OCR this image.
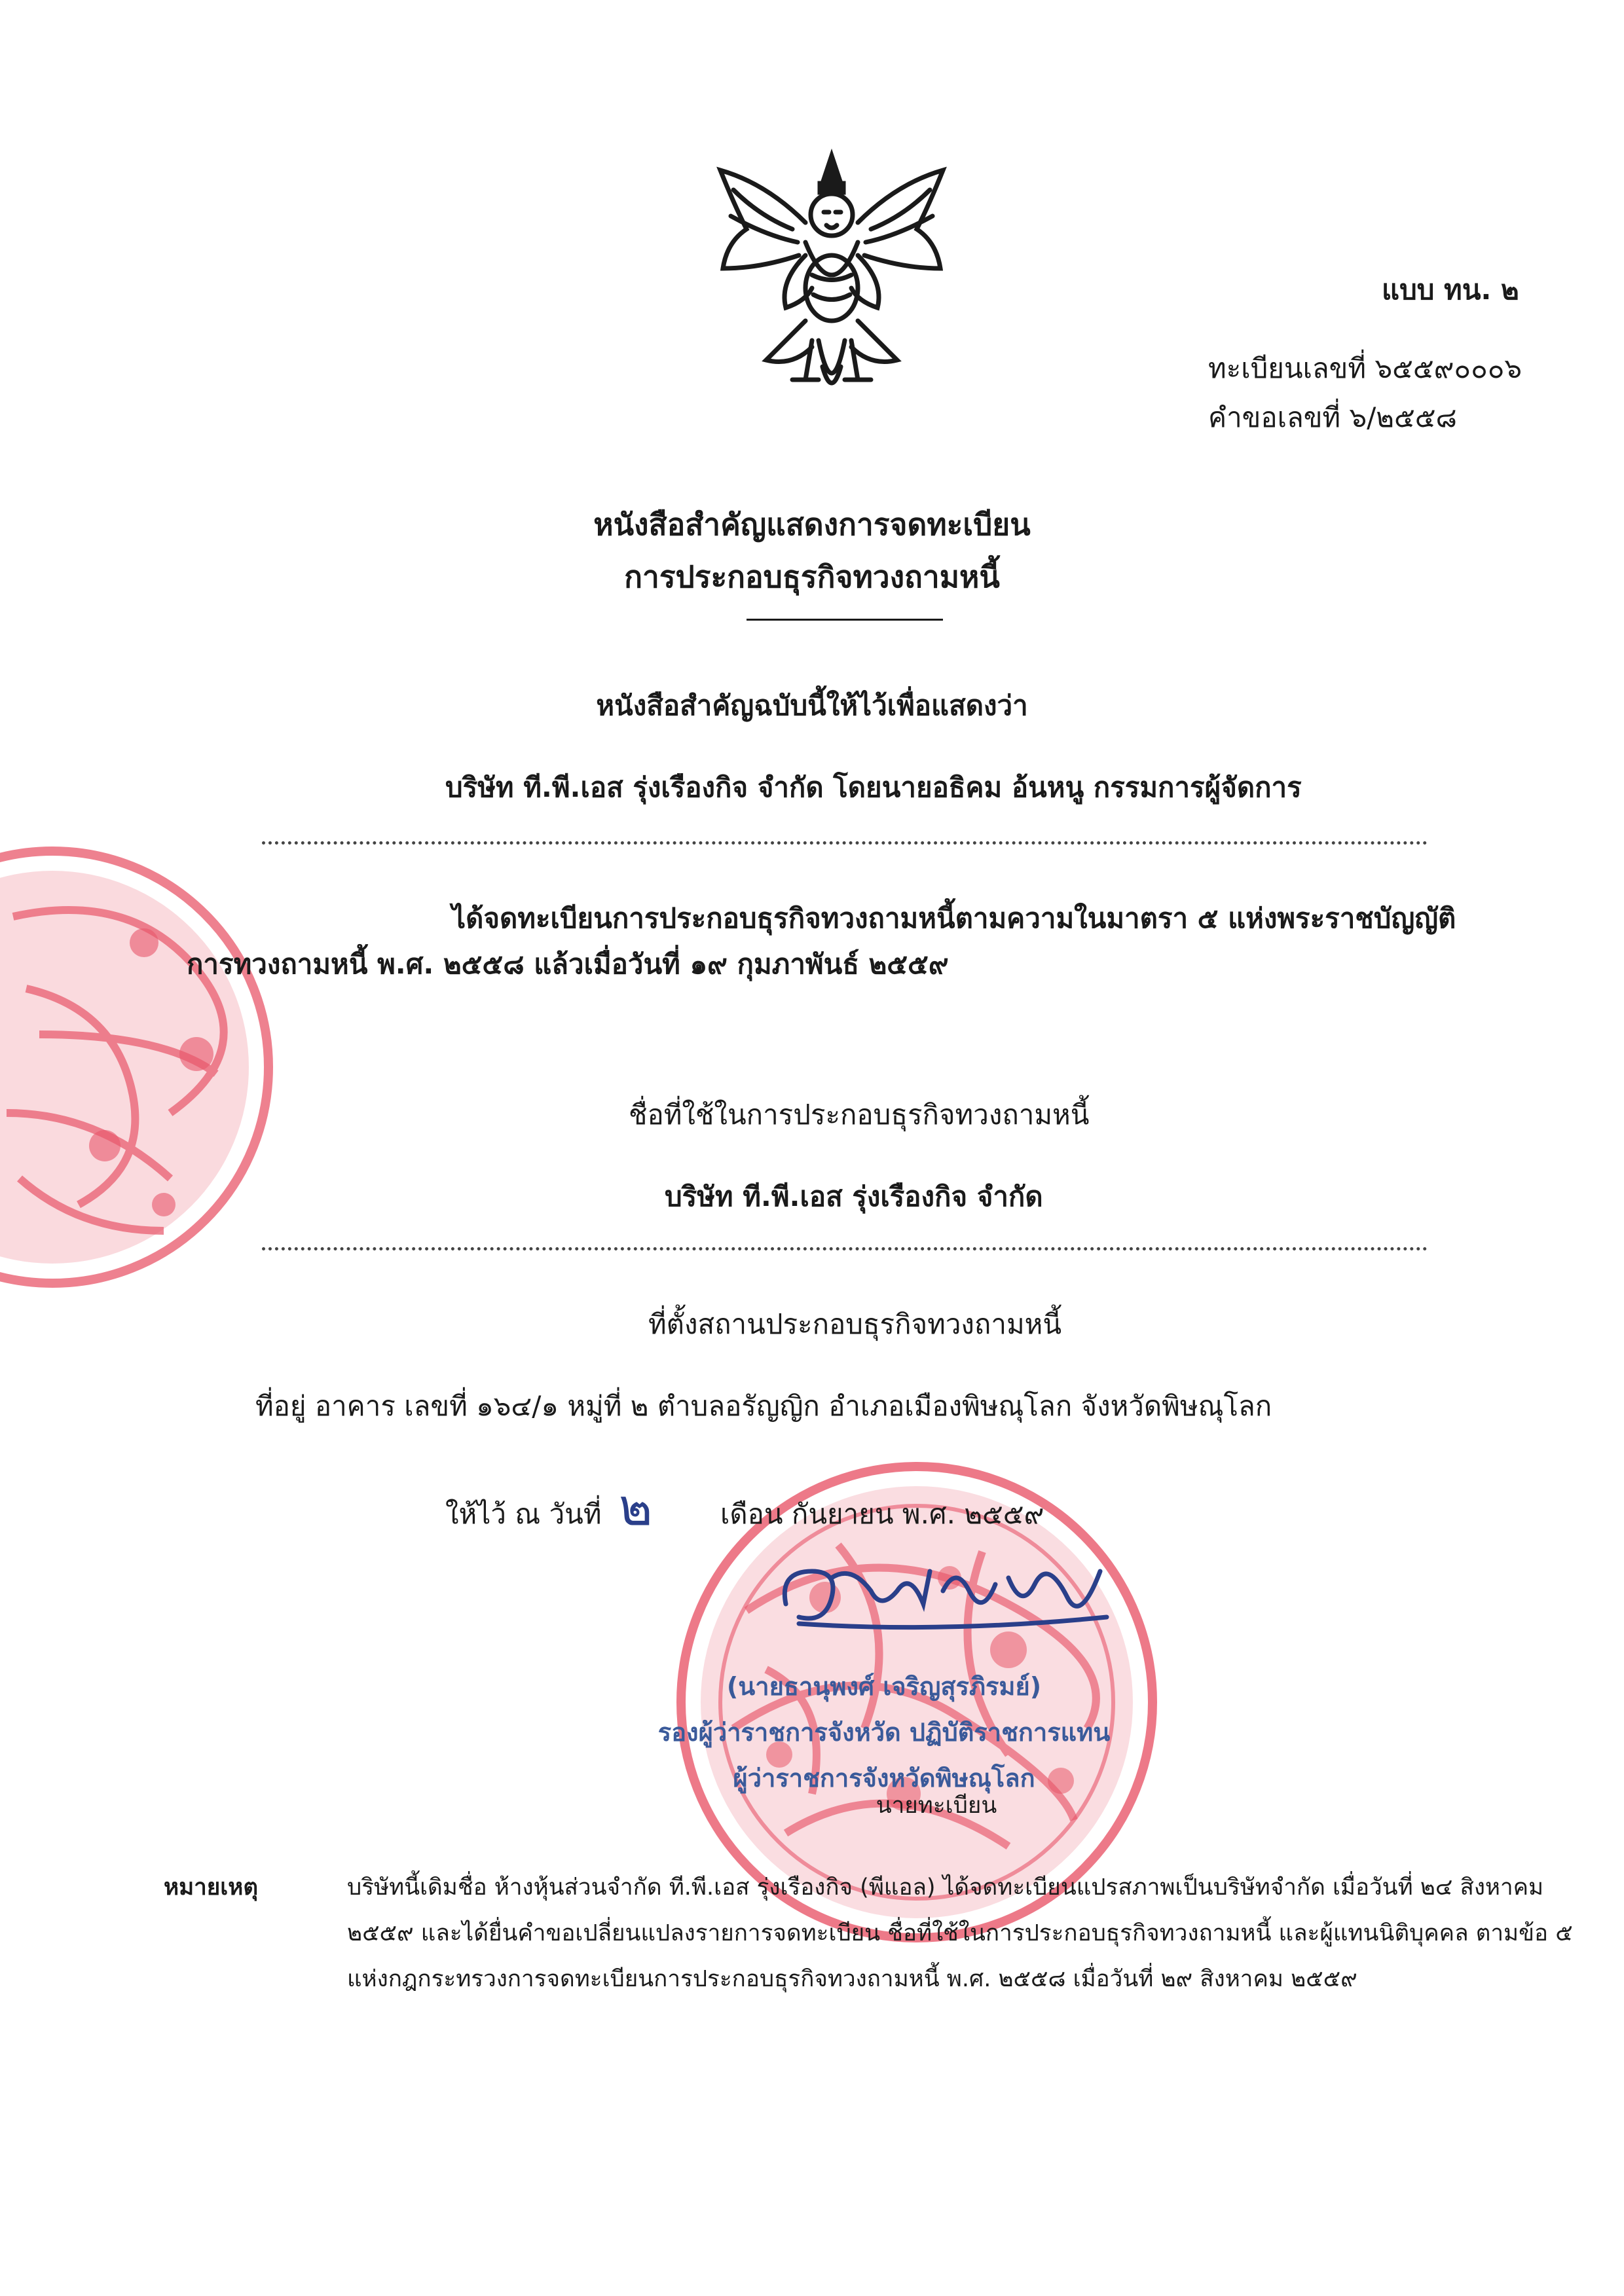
แบบ ทน. ๒
ทะเบียนเลขที่ ๖๕๕๙๐๐๐๖
คำขอเลขที่ ๖/๒๕๕๘
หนังสือสำคัญแสดงการจดทะเบียน
การประกอบธุรกิจทวงถามหนี้
หนังสือสำคัญฉบับนี้ให้ไว้เพื่อแสดงว่า
บริษัท ที.พี.เอส รุ่งเรืองกิจ จำกัด โดยนายอธิคม อ้นหนู กรรมการผู้จัดการ
ได้จดทะเบียนการประกอบธุรกิจทวงถามหนี้ตามความในมาตรา ๕ แห่งพระราชบัญญัติ
การทวงถามหนี้ พ.ศ. ๒๕๕๘ แล้วเมื่อวันที่ ๑๙ กุมภาพันธ์ ๒๕๕๙
ชื่อที่ใช้ในการประกอบธุรกิจทวงถามหนี้
บริษัท ที.พี.เอส รุ่งเรืองกิจ จำกัด
ที่ตั้งสถานประกอบธุรกิจทวงถามหนี้
ที่อยู่ อาคาร เลขที่ ๑๖๔/๑ หมู่ที่ ๒ ตำบลอรัญญิก อำเภอเมืองพิษณุโลก จังหวัดพิษณุโลก
ให้ไว้ ณ วันที่ ๒ เดือน กันยายน พ.ศ. ๒๕๕๙
(นายธานุพงศ์ เจริญสุรภิรมย์)
รองผู้ว่าราชการจังหวัด ปฏิบัติราชการแทน
ผู้ว่าราชการจังหวัดพิษณุโลก
นายทะเบียน
หมายเหตุ	บริษัทนี้เดิมชื่อ ห้างหุ้นส่วนจำกัด ที.พี.เอส รุ่งเรืองกิจ (พีแอล) ได้จดทะเบียนแปรสภาพเป็นบริษัทจำกัด เมื่อวันที่ ๒๔ สิงหาคม
๒๕๕๙ และได้ยื่นคำขอเปลี่ยนแปลงรายการจดทะเบียน ชื่อที่ใช้ในการประกอบธุรกิจทวงถามหนี้ และผู้แทนนิติบุคคล ตามข้อ ๕
แห่งกฎกระทรวงการจดทะเบียนการประกอบธุรกิจทวงถามหนี้ พ.ศ. ๒๕๕๘ เมื่อวันที่ ๒๙ สิงหาคม ๒๕๕๙
